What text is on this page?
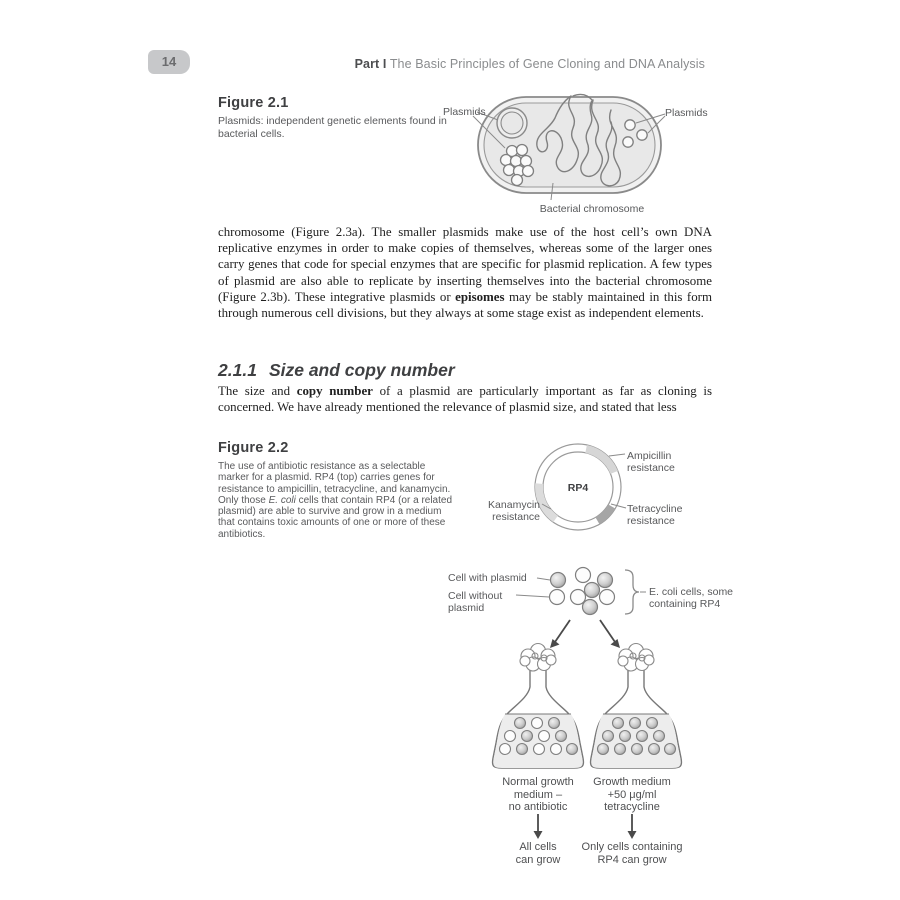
14	Part I The Basic Principles of Gene Cloning and DNA Analysis
Figure 2.1
Plasmids: independent genetic elements found in bacterial cells.
Plasmids	Plasmids
Bacterial chromosome

chromosome (Figure 2.3a). The smaller plasmids make use of the host cell’s own DNA replicative enzymes in order to make copies of themselves, whereas some of the larger ones carry genes that code for special enzymes that are specific for plasmid replication. A few types of plasmid are also able to replicate by inserting themselves into the bacterial chromosome (Figure 2.3b). These integrative plasmids or episomes may be stably maintained in this form through numerous cell divisions, but they always at some stage exist as independent elements.

2.1.1 Size and copy number

The size and copy number of a plasmid are particularly important as far as cloning is concerned. We have already mentioned the relevance of plasmid size, and stated that less

Figure 2.2
The use of antibiotic resistance as a selectable marker for a plasmid. RP4 (top) carries genes for resistance to ampicillin, tetracycline, and kanamycin. Only those E. coli cells that contain RP4 (or a related plasmid) are able to survive and grow in a medium that contains toxic amounts of one or more of these antibiotics.
RP4
Ampicillin
resistance
Tetracycline
resistance
Kanamycin
resistance
Cell with plasmid
Cell without
plasmid
E. coli cells, some
containing RP4
Normal growth
medium –
no antibiotic
Growth medium
+50 μg/ml
tetracycline
All cells
can grow
Only cells containing
RP4 can grow
